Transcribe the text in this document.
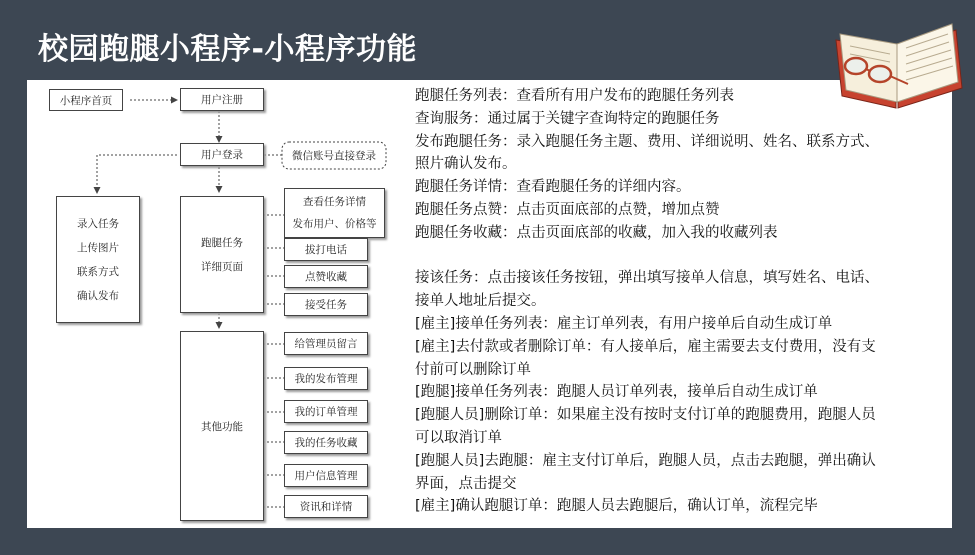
校园跑腿小程序-小程序功能
小程序首页	用户注册
用户登录	微信账号直接登录
录入任务
上传图片
联系方式
确认发布
跑腿任务
详细页面
查看任务详情
发布用户、价格等
拔打电话
点赞收藏
接受任务
其他功能
给管理员留言
我的发布管理
我的订单管理
我的任务收藏
用户信息管理
资讯和详情
跑腿任务列表：查看所有用户发布的跑腿任务列表
查询服务：通过属于关键字查询特定的跑腿任务
发布跑腿任务：录入跑腿任务主题、费用、详细说明、姓名、联系方式、照片确认发布。
跑腿任务详情：查看跑腿任务的详细内容。
跑腿任务点赞：点击页面底部的点赞，增加点赞
跑腿任务收藏：点击页面底部的收藏，加入我的收藏列表
接该任务：点击接该任务按钮，弹出填写接单人信息，填写姓名、电话、接单人地址后提交。
[雇主]接单任务列表：雇主订单列表，有用户接单后自动生成订单
[雇主]去付款或者删除订单：有人接单后，雇主需要去支付费用，没有支付前可以删除订单
[跑腿]接单任务列表：跑腿人员订单列表，接单后自动生成订单
[跑腿人员]删除订单：如果雇主没有按时支付订单的跑腿费用，跑腿人员可以取消订单
[跑腿人员]去跑腿：雇主支付订单后，跑腿人员，点击去跑腿，弹出确认界面，点击提交
[雇主]确认跑腿订单：跑腿人员去跑腿后，确认订单，流程完毕
